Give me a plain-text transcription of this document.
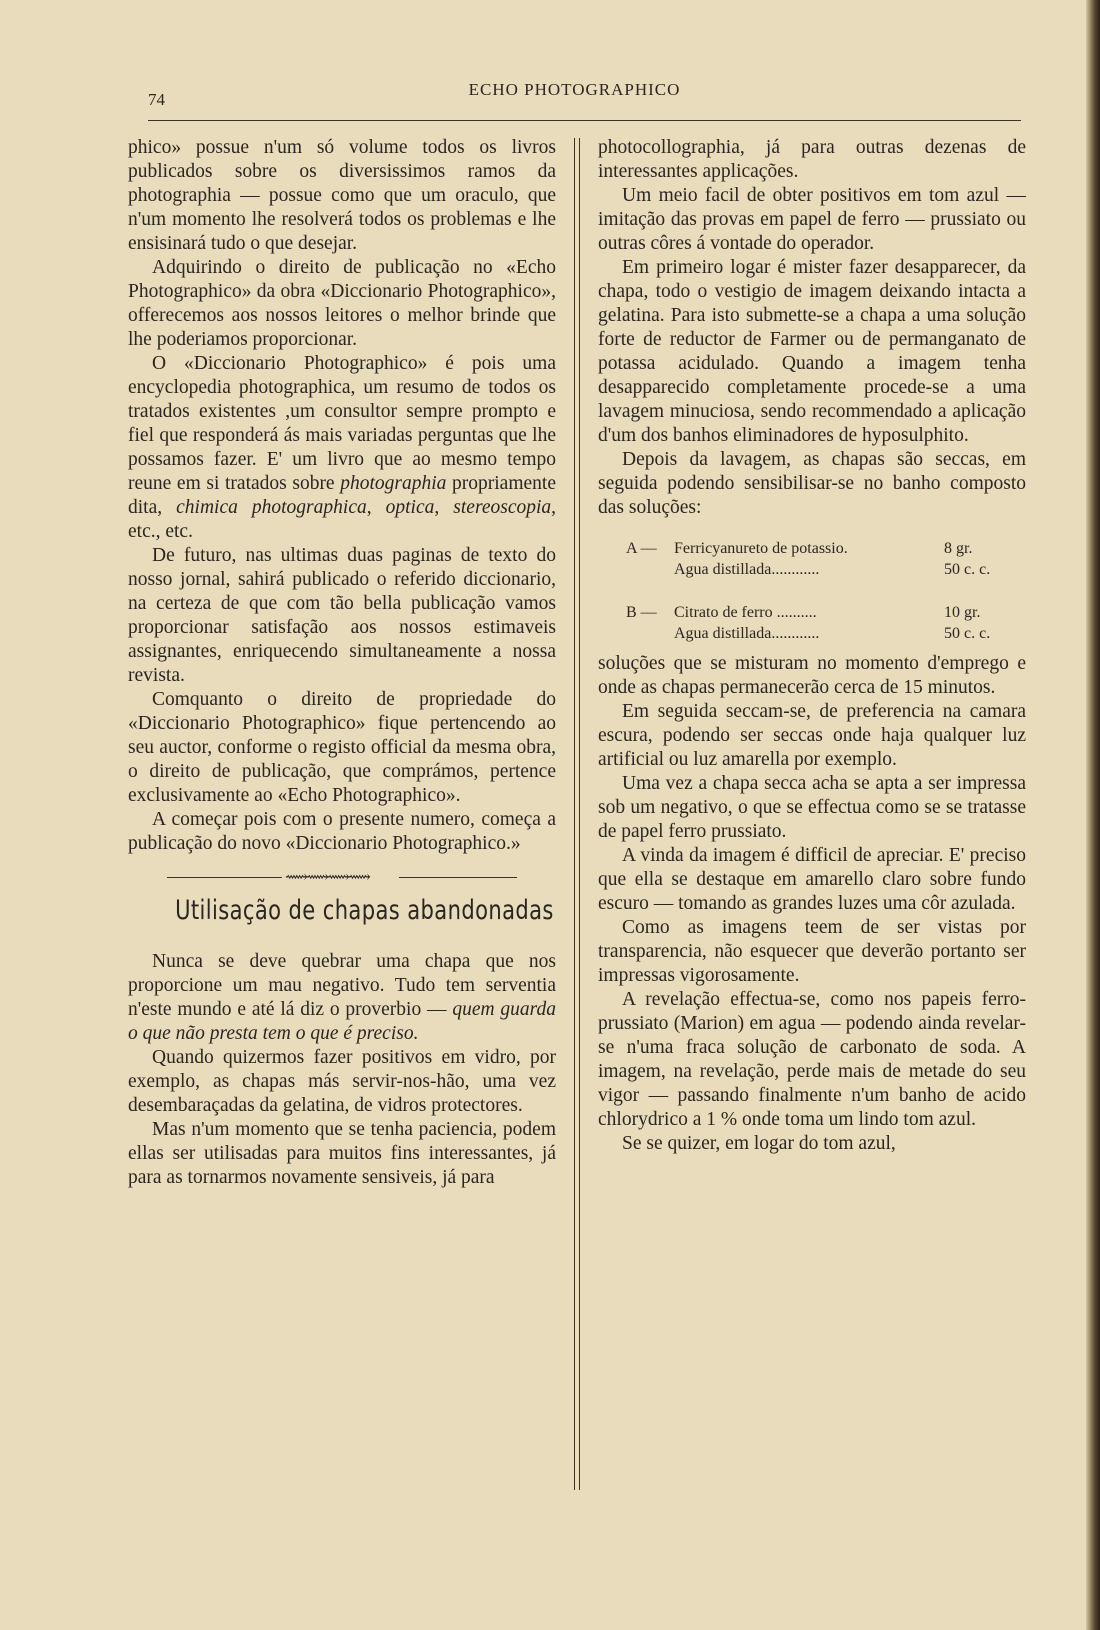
74
ECHO PHOTOGRAPHICO

phico» possue n'um só volume todos os livros publicados sobre os diversissimos ramos da photographia — possue como que um oraculo, que n'um momento lhe resolverá todos os problemas e lhe ensisinará tudo o que desejar.

Adquirindo o direito de publicação no «Echo Photographico» da obra «Diccionario Photographico», offerecemos aos nossos leitores o melhor brinde que lhe poderiamos proporcionar.

O «Diccionario Photographico» é pois uma encyclopedia photographica, um resumo de todos os tratados existentes ,um consultor sempre prompto e fiel que responderá ás mais variadas perguntas que lhe possamos fazer. E' um livro que ao mesmo tempo reune em si tratados sobre photographia propriamente dita, chimica photographica, optica, stereoscopia, etc., etc.

De futuro, nas ultimas duas paginas de texto do nosso jornal, sahirá publicado o referido diccionario, na certeza de que com tão bella publicação vamos proporcionar satisfação aos nossos estimaveis assignantes, enriquecendo simultaneamente a nossa revista.

Comquanto o direito de propriedade do «Diccionario Photographico» fique pertencendo ao seu auctor, conforme o registo official da mesma obra, o direito de publicação, que comprámos, pertence exclusivamente ao «Echo Photographico».

A começar pois com o presente numero, começa a publicação do novo «Diccionario Photographico.»

⟿⟿⟿⟿
Utilisação de chapas abandonadas

Nunca se deve quebrar uma chapa que nos proporcione um mau negativo. Tudo tem serventia n'este mundo e até lá diz o proverbio — quem guarda o que não presta tem o que é preciso.

Quando quizermos fazer positivos em vidro, por exemplo, as chapas más servir-nos-hão, uma vez desembaraçadas da gelatina, de vidros protectores.

Mas n'um momento que se tenha paciencia, podem ellas ser utilisadas para muitos fins interessantes, já para as tornarmos novamente sensiveis, já para

photocollographia, já para outras dezenas de interessantes applicações.

Um meio facil de obter positivos em tom azul — imitação das provas em papel de ferro — prussiato ou outras côres á vontade do operador.

Em primeiro logar é mister fazer desapparecer, da chapa, todo o vestigio de imagem deixando intacta a gelatina. Para isto submette-se a chapa a uma solução forte de reductor de Farmer ou de permanganato de potassa acidulado. Quando a imagem tenha desapparecido completamente procede-se a uma lavagem minuciosa, sendo recommendado a aplicação d'um dos banhos eliminadores de hyposulphito.

Depois da lavagem, as chapas são seccas, em seguida podendo sensibilisar-se no banho composto das soluções:

A — Ferricyanureto de potassio.	8 gr.
Agua distillada............	50 c. c.
B — Citrato de ferro ..........	10 gr.
Agua distillada............	50 c. c.

soluções que se misturam no momento d'emprego e onde as chapas permanecerão cerca de 15 minutos.

Em seguida seccam-se, de preferencia na camara escura, podendo ser seccas onde haja qualquer luz artificial ou luz amarella por exemplo.

Uma vez a chapa secca acha se apta a ser impressa sob um negativo, o que se effectua como se se tratasse de papel ferro prussiato.

A vinda da imagem é difficil de apreciar. E' preciso que ella se destaque em amarello claro sobre fundo escuro — tomando as grandes luzes uma côr azulada.

Como as imagens teem de ser vistas por transparencia, não esquecer que deverão portanto ser impressas vigorosamente.

A revelação effectua-se, como nos papeis ferro-prussiato (Marion) em agua — podendo ainda revelar-se n'uma fraca solução de carbonato de soda. A imagem, na revelação, perde mais de metade do seu vigor — passando finalmente n'um banho de acido chlorydrico a 1 % onde toma um lindo tom azul.

Se se quizer, em logar do tom azul,
